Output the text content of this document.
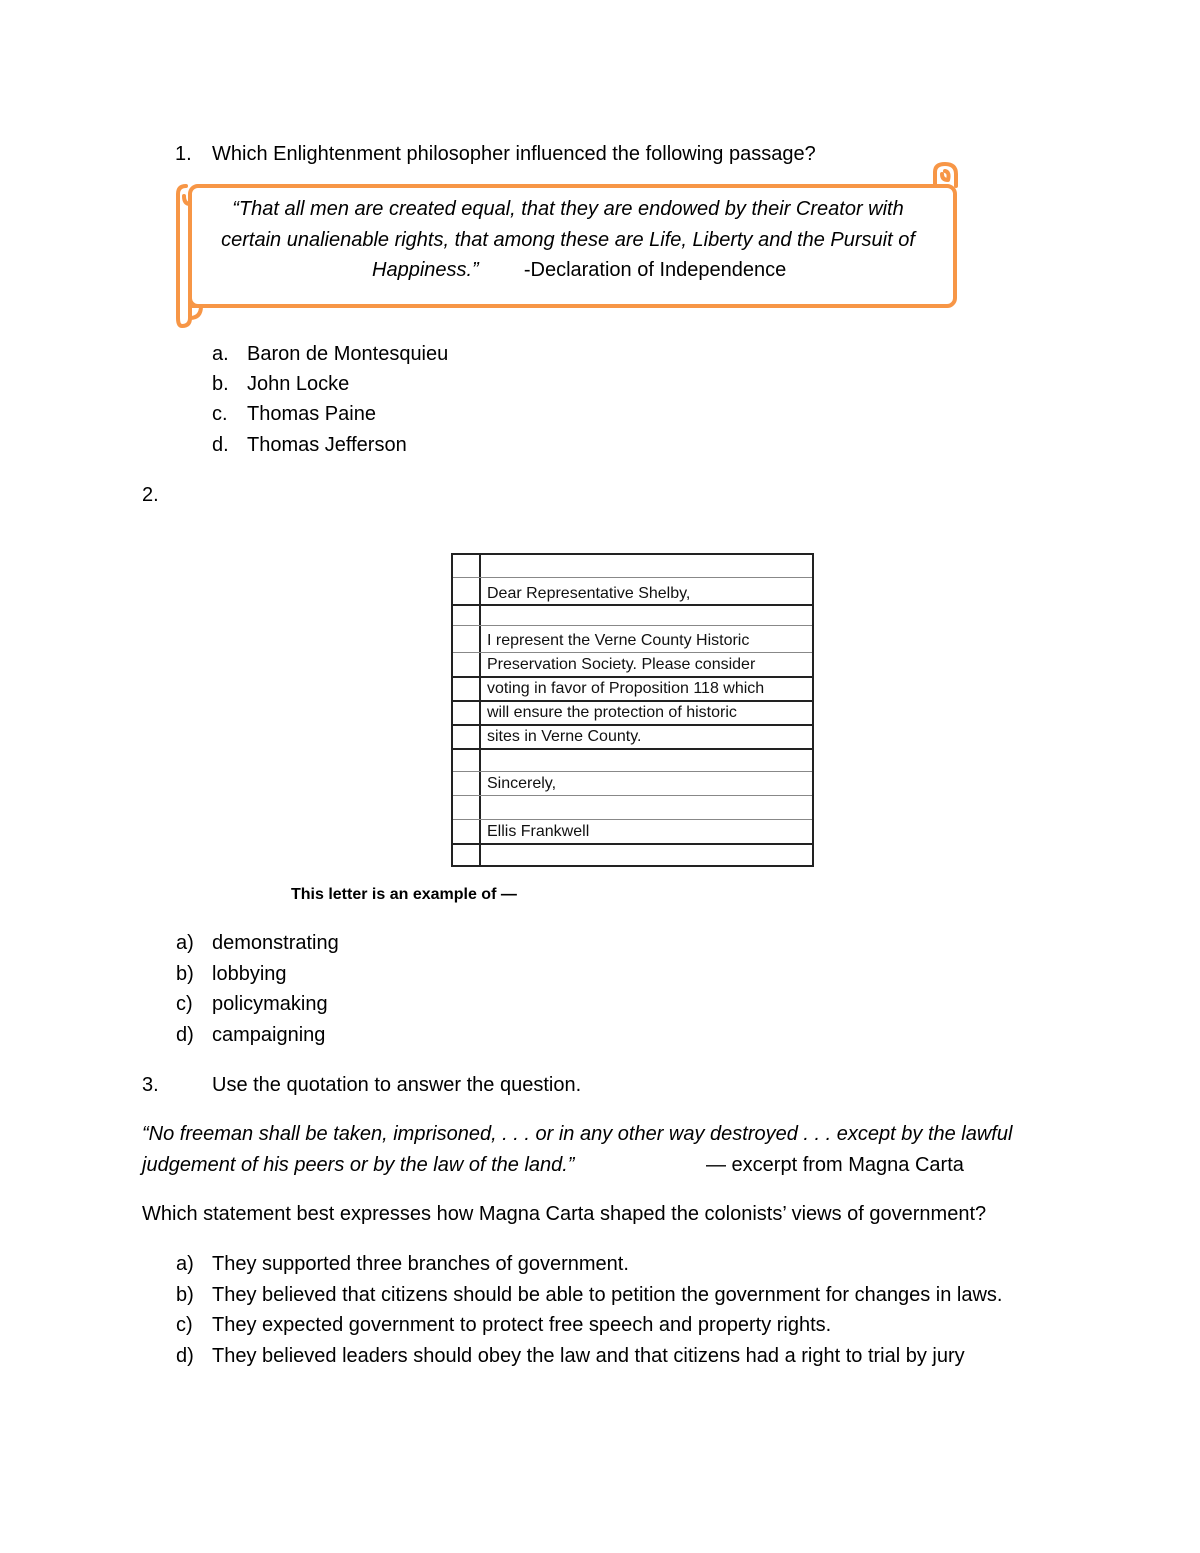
1. Which Enlightenment philosopher influenced the following passage?
“That all men are created equal, that they are endowed by their Creator with
certain unalienable rights, that among these are Life, Liberty and the Pursuit of
Happiness.” -Declaration of Independence
a. Baron de Montesquieu
b. John Locke
c. Thomas Paine
d. Thomas Jefferson
2.
Dear Representative Shelby,
I represent the Verne County Historic
Preservation Society. Please consider
voting in favor of Proposition 118 which
will ensure the protection of historic
sites in Verne County.
Sincerely,
Ellis Frankwell
This letter is an example of —
a) demonstrating
b) lobbying
c) policymaking
d) campaigning
3.	Use the quotation to answer the question.
“No freeman shall be taken, imprisoned, . . . or in any other way destroyed . . . except by the lawful
judgement of his peers or by the law of the land.”	— excerpt from Magna Carta
Which statement best expresses how Magna Carta shaped the colonists’ views of government?
a) They supported three branches of government.
b) They believed that citizens should be able to petition the government for changes in laws.
c) They expected government to protect free speech and property rights.
d) They believed leaders should obey the law and that citizens had a right to trial by jury
